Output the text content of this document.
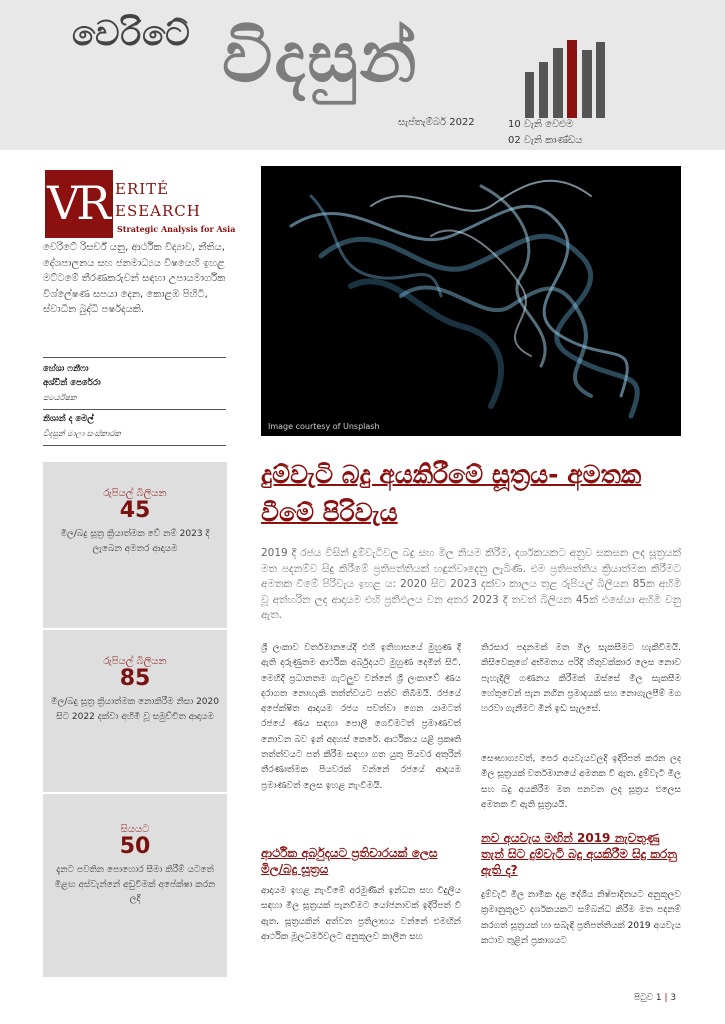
වෙරිටේ විදසුන්
සැප්තැම්බර් 2022	10 වැනි වෙළුම
02 වැනි කාණ්ඩය
VR ERITÉ
ESEARCH
Strategic Analysis for Asia
වෙරිටේ රිසර්ච් යනු, ආර්ථික විද්‍යාව, නීතිය, දේශපාලනය සහ ජනමාධ්‍යය විෂයෙහි ඉහළ මට්ටමේ තීරණකරුවන් සඳහා උපායමාර්ගික විශ්ලේෂණ සපයා දෙන, කොළඹ පිහිටි, ස්වාධීන බුද්ධි පර්ෂදයකි.
හේශා ෆනීෆා
අශ්වින් පෙරේරා
පර්යේෂක
නිශාන් ද මෙල්
විදසුන් මාලා සංස්කාරක
Image courtesy of Unsplash
රුපියල් බිලියන
45
මිල/බදු සූත්‍ර ක්‍රියාත්මක වේ නම් 2023 දී ලැබෙන අමතර ආදායම
රුපියල් බිලියන
85
මිල/බදු සූත්‍ර ක්‍රියාත්මක නොකිරීම නිසා 2020 සිට 2022 දක්වා අහිමි වූ සමුච්චිත ආදායම
සියයට
50
දැනට පවතින පොහොර සීමා කිරීම් යටතේ මිළඟ අස්වැන්නේ අඩුවීමක් අපේක්ෂා කරන ලදී
දුම්වැටි බදු අයකිරීමේ සූත්‍රය- අමතක වීමේ පිරිවැය
2019 දී රජය විසින් දුම්වැටිවල බදු සහ මිල නියම කිරීම, දර්ශකයකට අනුව සකසන ලද සූත්‍රයක් මත පදනම්ව සිදු කිරීමේ ප්‍රතිපත්තියක් හඳුන්වාදෙනු ලැබිණි. එම ප්‍රතිපත්තිය ක්‍රියාත්මක කිරීමට අමතක වීමේ පිරිවැය ඉහළ ය: 2020 සිට 2023 දක්වා කාලය තුළ රුපියල් බිලියන 85ක අහිමි වූ අත්හරින ලද ආදායම එහි ප්‍රතිඵලය වන අතර 2023 දී තවත් බිලියන 45ක් එසේයා අහිමි වනු ඇත.
ශ්‍රී ලංකාව වර්තමානයේදී එහි ඉතිහාසයේ මුහුණ දී ඇති දරුණුතම ආර්ථික අර්බුදයට මුහුණ දෙමින් සිටී. මෙහිදී ප්‍රධානතම ගැටලුව වන්නේ ශ්‍රී ලංකාවේ ණය දරාගත නොහැකි තත්ත්වයට පත්ව තිබීමයි. රජයේ අපේක්ෂිත ආදායම රජය පවත්වා ගෙන යාමටත් රජයේ ණය සඳහා පොලී ගෙවීමටත් ප්‍රමාණවත් නොවන බව ඉන් අදහස් කෙරේ. ආර්ථිකය යළි ප්‍රකෘති තත්ත්වයට පත් කිරීම සඳහා ගත යුතු පියවර අතුරින් තීරණාත්මක පියවරක් වන්නේ රජයේ ආදායම ප්‍රමාණවත් ලෙස ඉහළ නැංවීමයි.
ආර්ථික අර්බුදයට ප්‍රතිචාරයක් ලෙස මිල/බදු සූත්‍රය
ආදායම ඉහළ නැංවීමේ අරමුණින් ඉන්ධන සහ විදුලිය සඳහා මිල සූත්‍රයක් පැනවීමට යෝජනාවක් ඉදිරිපත් වී ඇත. සූත්‍රයකින් අත්වන ප්‍රතිලාභය වන්නේ එමඟින් ආර්ථික මූලධර්මවලට අනුකූලව කාලීන සහ
තිරසාර පදනමක් මත මිල සැකසීමට හැකිවීමයි. කිසිවෙකුගේ අභිමතය පරිදි හිතුවක්කාර ලෙස නොව පැහැදිලි ගණනය කිරීමක් ඔස්සේ මිල සැකසීම හේතුවෙන් පැන නගින ප්‍රමාදයක් සහ නොගැලපීම් මග හරවා ගැනීමට මින් ඉඩ සැලසේ.
සෞභාග්‍යවත්, පෙර අයවැයවලදී ඉදිරිපත් කරන ලද මිල සූත්‍රයක් වර්තමානයේ අමතක වී ඇත. දුම්වැටි මිල සහ බදු අයකිරීම මත පනවන ලද සූත්‍රය එලෙස අමතක වී ඇති සූත්‍රයයි.
නව අයවැය මඟින් 2019 නැවතුණු තැන් සිට දුම්වැටි බදු අයකිරීම සිදු කරනු ඇති ද?
දුම්වැටි මිල නාමික දළ දේශීය නිෂ්පාදිතයට අනුකූලව ක්‍රමානුකූලව දර්ශකයකට සම්බන්ධ කිරීම මත පදනම් කරගත් සූත්‍රයක් හා සබැඳි ප්‍රතිපත්තියක් 2019 අයවැය කථාව තුළින් ප්‍රකාශයට
පිටුව 1 | 3
